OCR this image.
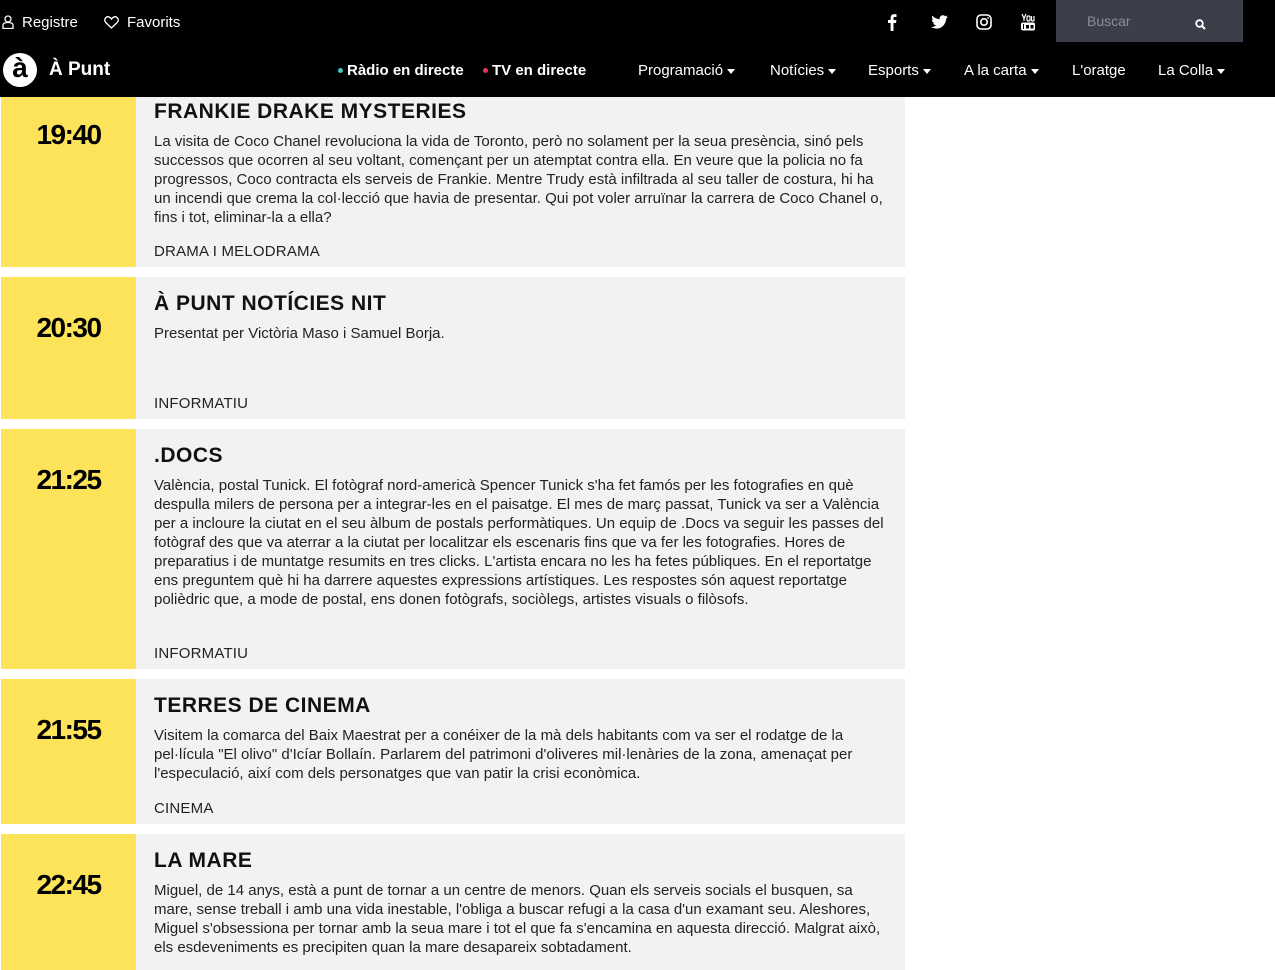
Registre	Favorits
Buscar
à À Punt	Ràdio en directe TV en directe	Programació	Notícies	Esports	A la carta	L'oratge La Colla
19:40
FRANKIE DRAKE MYSTERIES
La visita de Coco Chanel revoluciona la vida de Toronto, però no solament per la seua presència, sinó pels successos que ocorren al seu voltant, començant per un atemptat contra ella. En veure que la policia no fa progressos, Coco contracta els serveis de Frankie. Mentre Trudy està infiltrada al seu taller de costura, hi ha un incendi que crema la col·lecció que havia de presentar. Qui pot voler arruïnar la carrera de Coco Chanel o, fins i tot, eliminar-la a ella?
DRAMA I MELODRAMA
20:30
À PUNT NOTÍCIES NIT
Presentat per Victòria Maso i Samuel Borja.
INFORMATIU
21:25
.DOCS
València, postal Tunick. El fotògraf nord-americà Spencer Tunick s'ha fet famós per les fotografies en què despulla milers de persona per a integrar-les en el paisatge. El mes de març passat, Tunick va ser a València per a incloure la ciutat en el seu àlbum de postals performàtiques. Un equip de .Docs va seguir les passes del fotògraf des que va aterrar a la ciutat per localitzar els escenaris fins que va fer les fotografies. Hores de preparatius i de muntatge resumits en tres clicks. L'artista encara no les ha fetes públiques. En el reportatge ens preguntem què hi ha darrere aquestes expressions artístiques. Les respostes són aquest reportatge polièdric que, a mode de postal, ens donen fotògrafs, sociòlegs, artistes visuals o filòsofs.
INFORMATIU
21:55
TERRES DE CINEMA
Visitem la comarca del Baix Maestrat per a conéixer de la mà dels habitants com va ser el rodatge de la pel·lícula "El olivo" d'Icíar Bollaín. Parlarem del patrimoni d'oliveres mil·lenàries de la zona, amenaçat per l'especulació, així com dels personatges que van patir la crisi econòmica.
CINEMA
22:45
LA MARE
Miguel, de 14 anys, està a punt de tornar a un centre de menors. Quan els serveis socials el busquen, sa mare, sense treball i amb una vida inestable, l'obliga a buscar refugi a la casa d'un examant seu. Aleshores, Miguel s'obsessiona per tornar amb la seua mare i tot el que fa s'encamina en aquesta direcció. Malgrat això, els esdeveniments es precipiten quan la mare desapareix sobtadament.
